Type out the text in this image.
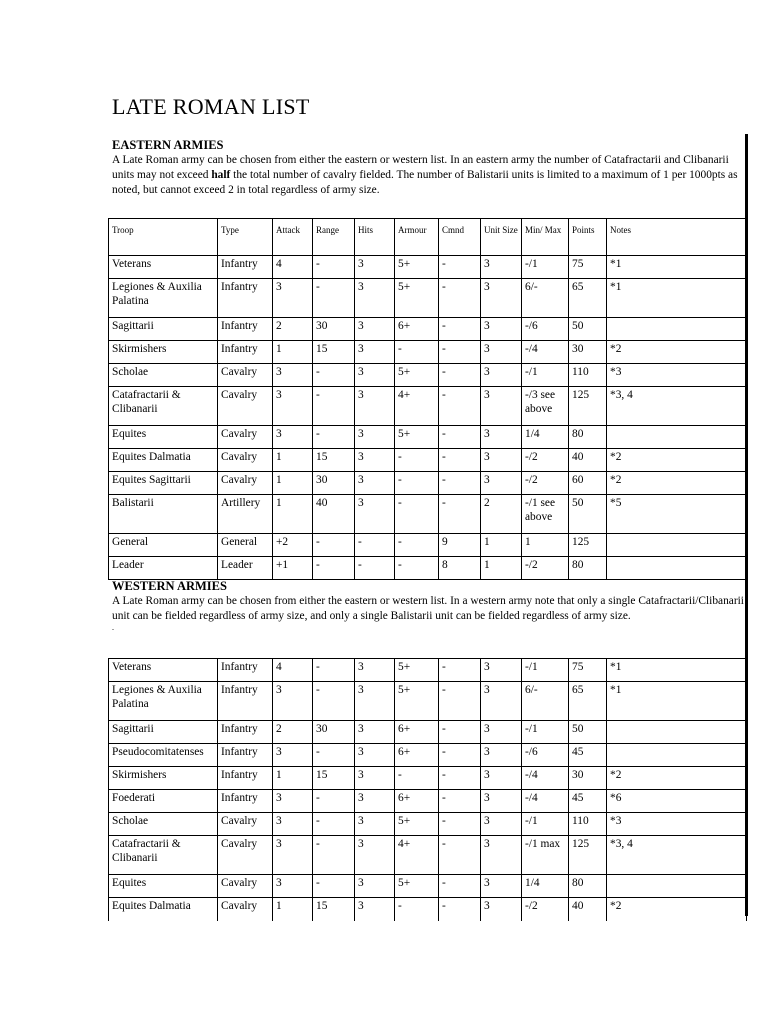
LATE ROMAN LIST

EASTERN ARMIES

A Late Roman army can be chosen from either the eastern or western list. In an eastern army the number of Catafractarii and Clibanarii units may not exceed half the total number of cavalry fielded. The number of Balistarii units is limited to a maximum of 1 per 1000pts as noted, but cannot exceed 2 in total regardless of army size.

Troop	Type	Attack	Range	Hits	Armour	Cmnd	Unit Size	Min/ Max	Points	Notes
Veterans	Infantry	4	-	3	5+	-	3	-/1	75	*1
Legiones & Auxilia Palatina	Infantry	3	-	3	5+	-	3	6/-	65	*1
Sagittarii	Infantry	2	30	3	6+	-	3	-/6	50	
Skirmishers	Infantry	1	15	3	-	-	3	-/4	30	*2
Scholae	Cavalry	3	-	3	5+	-	3	-/1	110	*3
Catafractarii & Clibanarii	Cavalry	3	-	3	4+	-	3	-/3 see above	125	*3, 4
Equites	Cavalry	3	-	3	5+	-	3	1/4	80	
Equites Dalmatia	Cavalry	1	15	3	-	-	3	-/2	40	*2
Equites Sagittarii	Cavalry	1	30	3	-	-	3	-/2	60	*2
Balistarii	Artillery	1	40	3	-	-	2	-/1 see above	50	*5
General	General	+2	-	-	-	9	1	1	125	
Leader	Leader	+1	-	-	-	8	1	-/2	80	

WESTERN ARMIES

A Late Roman army can be chosen from either the eastern or western list. In a western army note that only a single Catafractarii/Clibanarii unit can be fielded regardless of army size, and only a single Balistarii unit can be fielded regardless of army size.

.

Veterans	Infantry	4	-	3	5+	-	3	-/1	75	*1
Legiones & Auxilia Palatina	Infantry	3	-	3	5+	-	3	6/-	65	*1
Sagittarii	Infantry	2	30	3	6+	-	3	-/1	50	
Pseudocomitatenses	Infantry	3	-	3	6+	-	3	-/6	45	
Skirmishers	Infantry	1	15	3	-	-	3	-/4	30	*2
Foederati	Infantry	3	-	3	6+	-	3	-/4	45	*6
Scholae	Cavalry	3	-	3	5+	-	3	-/1	110	*3
Catafractarii & Clibanarii	Cavalry	3	-	3	4+	-	3	-/1 max	125	*3, 4
Equites	Cavalry	3	-	3	5+	-	3	1/4	80	
Equites Dalmatia	Cavalry	1	15	3	-	-	3	-/2	40	*2
